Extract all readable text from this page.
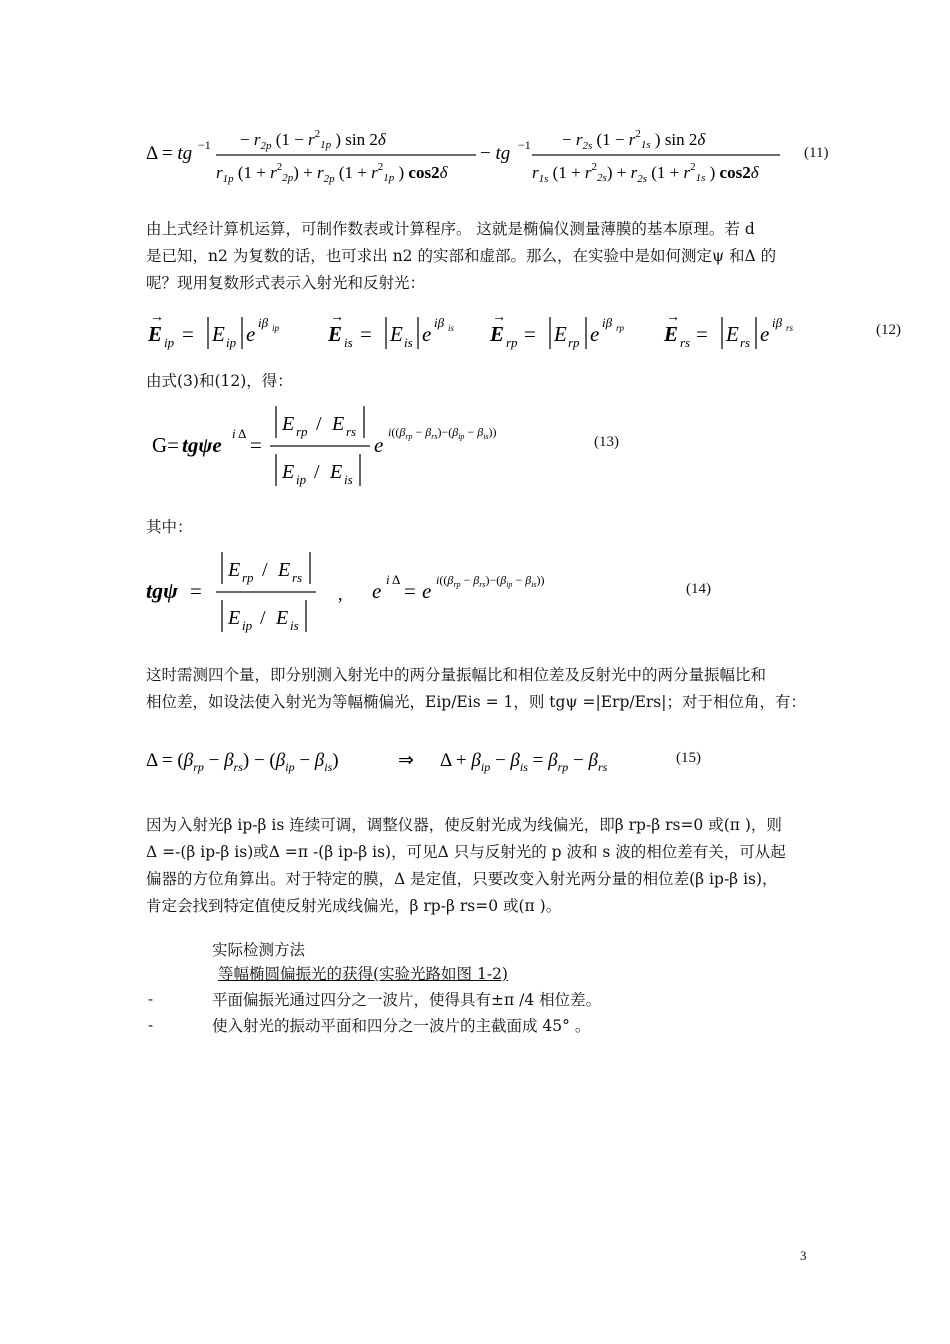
Δ = tg $-1 - r_{2p}$ ($1 - r^2_{1p}$ ) sin 2δ
$r_{1p}$ $(1 + r^2_{2p}) + r_{2p}$ ($1 + r^2_{1p}$ ) cos2δ
− tg $-1 - r_{2s}$ ($1 - r^2_{1s}$ ) sin 2δ
$r_{1s}$ $(1 + r^2_{2s}) + r_{2s}$ ($1 + r^2_{1s}$ ) cos2δ
(11)
由上式经计算机运算，可制作数表或计算程序。 这就是椭偏仪测量薄膜的基本原理。若 d
是已知，n2 为复数的话，也可求出 n2 的实部和虚部。那么，在实验中是如何测定ψ 和Δ 的
呢？现用复数形式表示入射光和反射光：
E
→
ip = E ip e iβ ip E
→
is = E is e iβ is E
→
rp = E rp e iβ rp E
→
rs = E rs e iβ rs	(12)
由式(3)和(12)，得：
G= tgψe i Δ =
E rp / E rs
E ip / E is
e
$i((\beta_{rp} - \beta_{rs})-(\beta_{ip} - \beta_{is}))$
(13)
其中：
tgψ =
E rp / E rs
E ip / E is
, e i Δ = e $i((\beta_{rp} - \beta_{rs})-(\beta_{ip} - \beta_{is}))$
(14)
这时需测四个量，即分别测入射光中的两分量振幅比和相位差及反射光中的两分量振幅比和
相位差，如设法使入射光为等幅椭偏光，Eip/Eis = 1，则 tgψ =|Erp/Ers|；对于相位角，有：
$\Delta = (\beta_{rp} - \beta_{rs}) - (\beta_{ip} - \beta_{is})$	⇒ $\Delta + \beta_{ip} - \beta_{is} = \beta_{rp} - \beta_{rs}$
(15)
因为入射光β ip-β is 连续可调，调整仪器，使反射光成为线偏光，即β rp-β rs=0 或(π )，则
Δ =-(β ip-β is)或Δ =π -(β ip-β is)，可见Δ 只与反射光的 p 波和 s 波的相位差有关，可从起
偏器的方位角算出。对于特定的膜，Δ 是定值，只要改变入射光两分量的相位差(β ip-β is)，
肯定会找到特定值使反射光成线偏光，β rp-β rs=0 或(π )。
实际检测方法
等幅椭圆偏振光的获得(实验光路如图 1-2)
-	平面偏振光通过四分之一波片，使得具有±π /4 相位差。
-	使入射光的振动平面和四分之一波片的主截面成 45° 。
3
